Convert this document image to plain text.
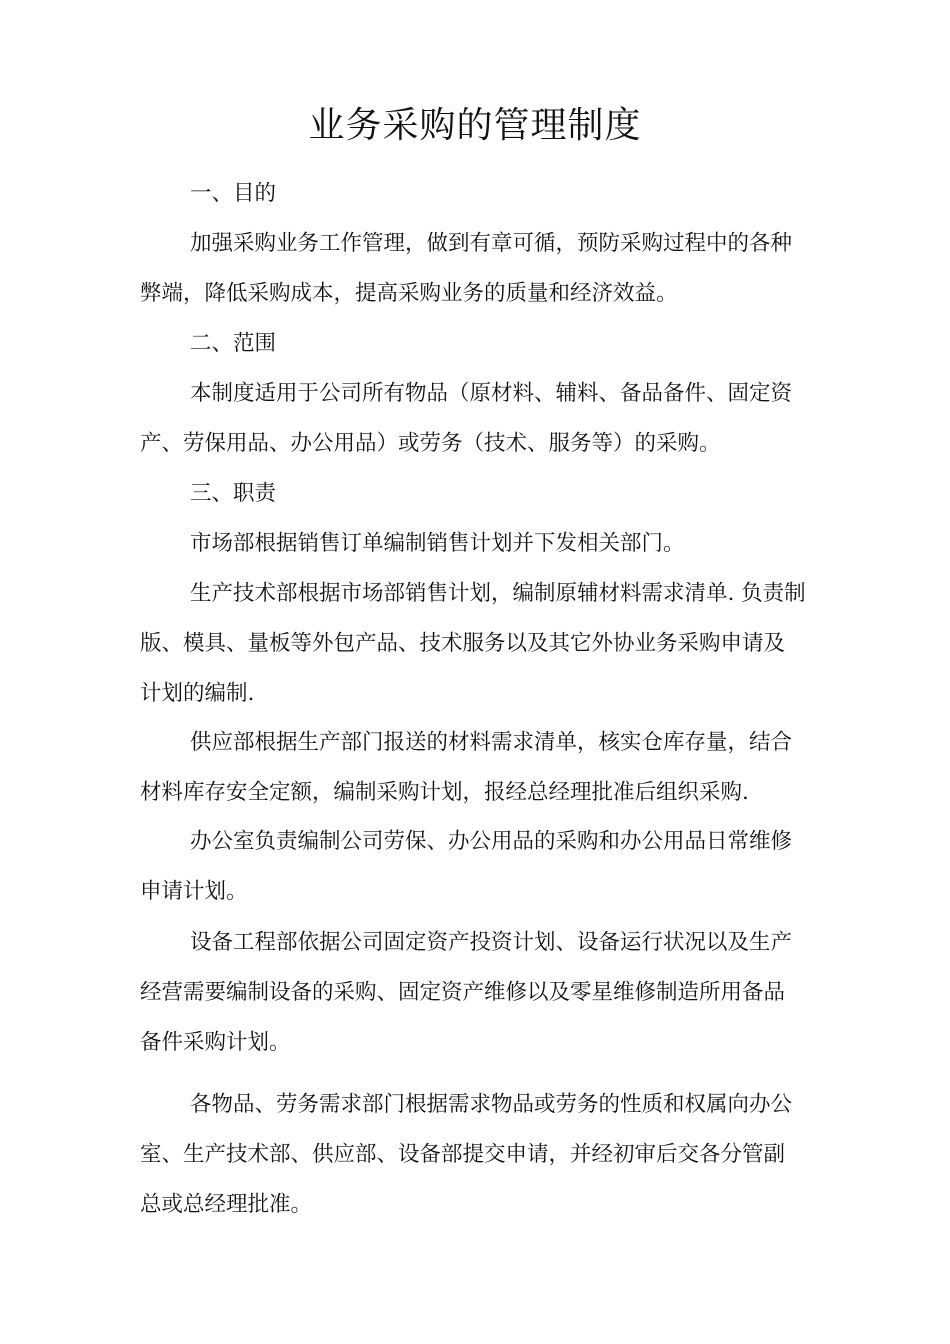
业务采购的管理制度
一、目的
加强采购业务工作管理，做到有章可循，预防采购过程中的各种
弊端，降低采购成本，提高采购业务的质量和经济效益。
二、范围
本制度适用于公司所有物品（原材料、辅料、备品备件、固定资
产、劳保用品、办公用品）或劳务（技术、服务等）的采购。
三、职责
市场部根据销售订单编制销售计划并下发相关部门。
生产技术部根据市场部销售计划，编制原辅材料需求清单. 负责制
版、模具、量板等外包产品、技术服务以及其它外协业务采购申请及
计划的编制.
供应部根据生产部门报送的材料需求清单，核实仓库存量，结合
材料库存安全定额，编制采购计划，报经总经理批准后组织采购.
办公室负责编制公司劳保、办公用品的采购和办公用品日常维修
申请计划。
设备工程部依据公司固定资产投资计划、设备运行状况以及生产
经营需要编制设备的采购、固定资产维修以及零星维修制造所用备品
备件采购计划。
各物品、劳务需求部门根据需求物品或劳务的性质和权属向办公
室、生产技术部、供应部、设备部提交申请，并经初审后交各分管副
总或总经理批准。
